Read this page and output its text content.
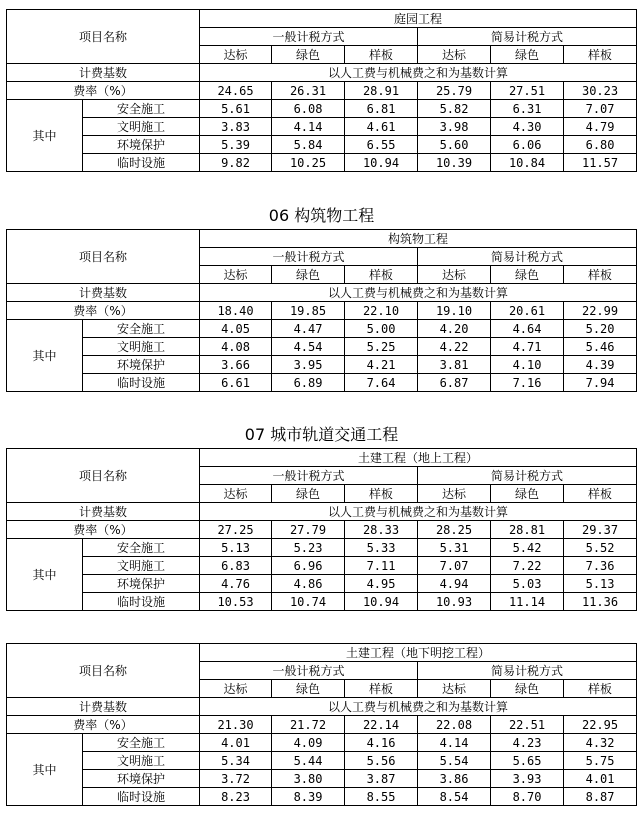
项目名称		庭园工程					
		一般计税方式			简易计税方式		
		达标	绿色	样板	达标	绿色	样板
计费基数		以人工费与机械费之和为基数计算					
费率（%）		24.65	26.31	28.91	25.79	27.51	30.23
其中	安全施工	5.61	6.08	6.81	5.82	6.31	7.07
	文明施工	3.83	4.14	4.61	3.98	4.30	4.79
	环境保护	5.39	5.84	6.55	5.60	6.06	6.80
	临时设施	9.82	10.25	10.94	10.39	10.84	11.57
06 构筑物工程
项目名称		构筑物工程					
		一般计税方式			简易计税方式		
		达标	绿色	样板	达标	绿色	样板
计费基数		以人工费与机械费之和为基数计算					
费率（%）		18.40	19.85	22.10	19.10	20.61	22.99
其中	安全施工	4.05	4.47	5.00	4.20	4.64	5.20
	文明施工	4.08	4.54	5.25	4.22	4.71	5.46
	环境保护	3.66	3.95	4.21	3.81	4.10	4.39
	临时设施	6.61	6.89	7.64	6.87	7.16	7.94
07 城市轨道交通工程
项目名称		土建工程（地上工程）					
		一般计税方式			简易计税方式		
		达标	绿色	样板	达标	绿色	样板
计费基数		以人工费与机械费之和为基数计算					
费率（%）		27.25	27.79	28.33	28.25	28.81	29.37
其中	安全施工	5.13	5.23	5.33	5.31	5.42	5.52
	文明施工	6.83	6.96	7.11	7.07	7.22	7.36
	环境保护	4.76	4.86	4.95	4.94	5.03	5.13
	临时设施	10.53	10.74	10.94	10.93	11.14	11.36
项目名称		土建工程（地下明挖工程）					
		一般计税方式			简易计税方式		
		达标	绿色	样板	达标	绿色	样板
计费基数		以人工费与机械费之和为基数计算					
费率（%）		21.30	21.72	22.14	22.08	22.51	22.95
其中	安全施工	4.01	4.09	4.16	4.14	4.23	4.32
	文明施工	5.34	5.44	5.56	5.54	5.65	5.75
	环境保护	3.72	3.80	3.87	3.86	3.93	4.01
	临时设施	8.23	8.39	8.55	8.54	8.70	8.87
